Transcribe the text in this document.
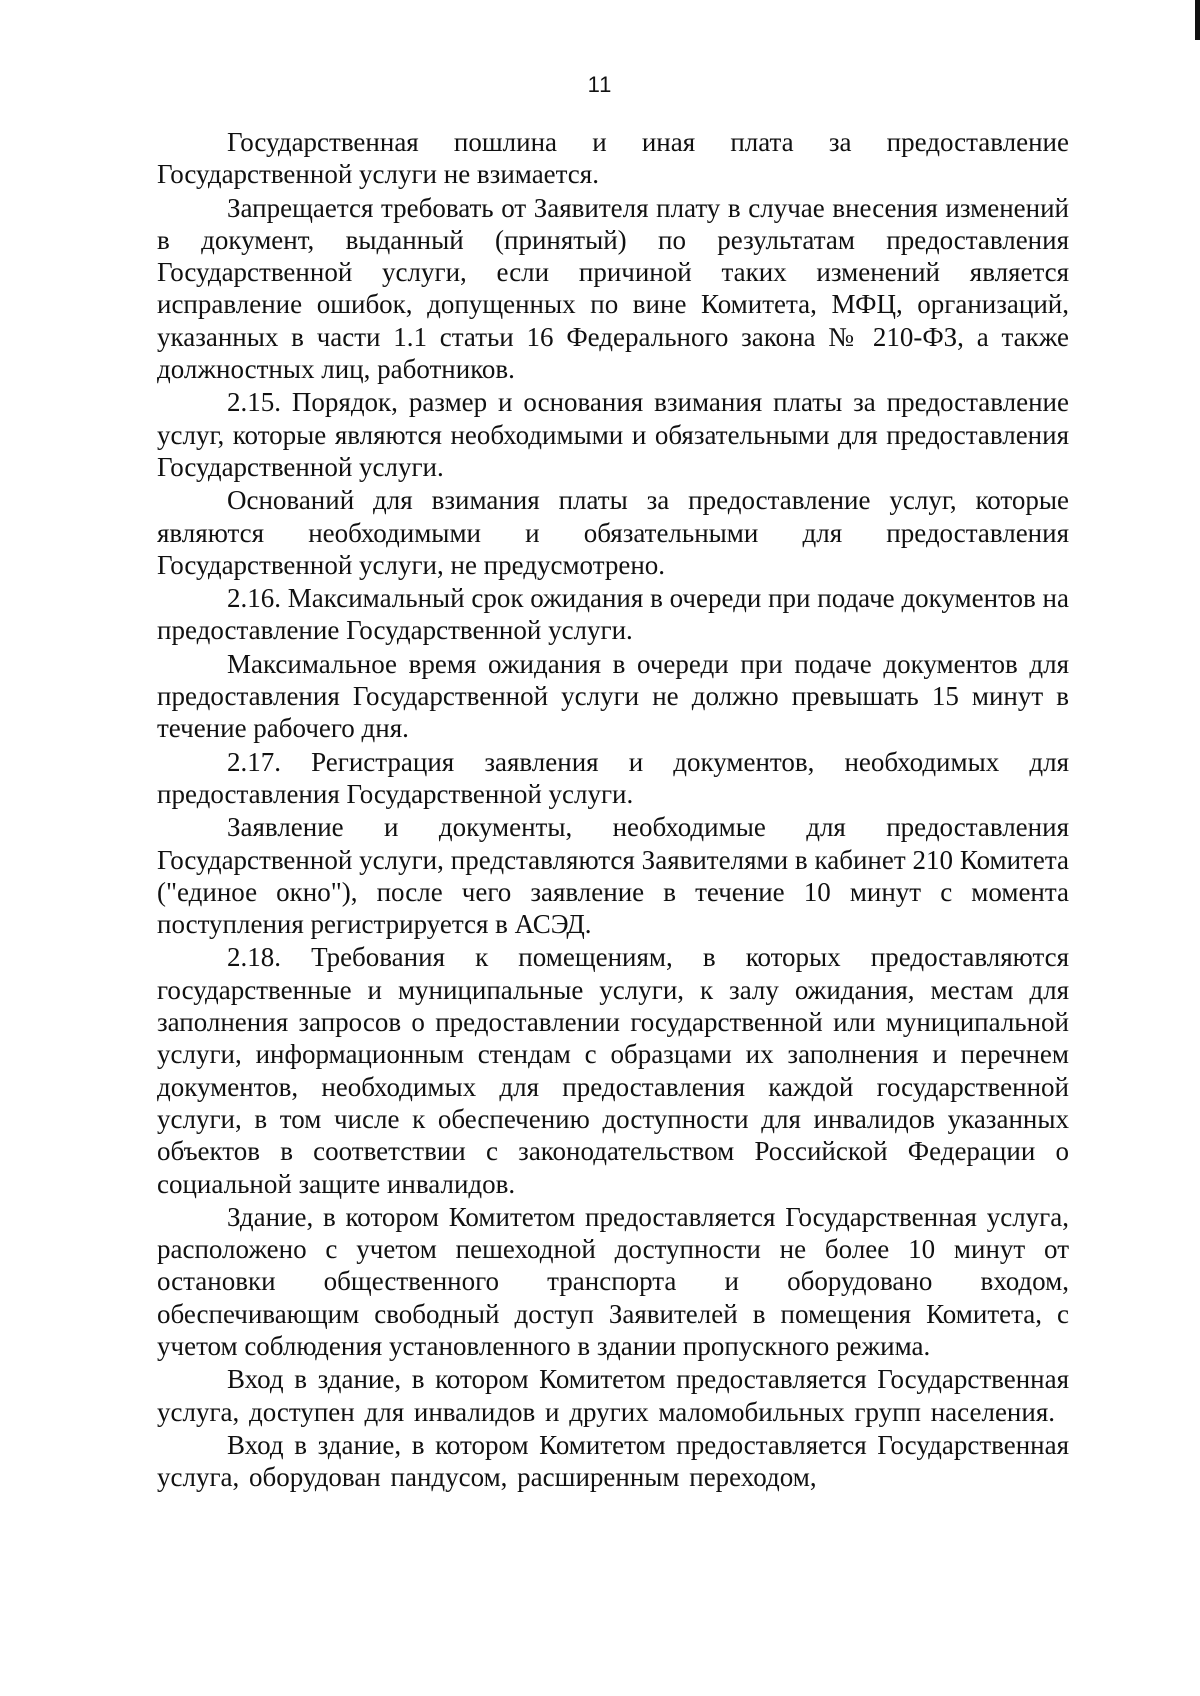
11

Государственная пошлина и иная плата за предоставление Государственной услуги не взимается.

Запрещается требовать от Заявителя плату в случае внесения изменений в документ, выданный (принятый) по результатам предоставления Государственной услуги, если причиной таких изменений является исправление ошибок, допущенных по вине Комитета, МФЦ, организаций, указанных в части 1.1 статьи 16 Федерального закона № 210-ФЗ, а также должностных лиц, работников.

2.15. Порядок, размер и основания взимания платы за предоставление услуг, которые являются необходимыми и обязательными для предоставления Государственной услуги.

Оснований для взимания платы за предоставление услуг, которые являются необходимыми и обязательными для предоставления Государственной услуги, не предусмотрено.

2.16. Максимальный срок ожидания в очереди при подаче документов на предоставление Государственной услуги.

Максимальное время ожидания в очереди при подаче документов для предоставления Государственной услуги не должно превышать 15 минут в течение рабочего дня.

2.17. Регистрация заявления и документов, необходимых для предоставления Государственной услуги.

Заявление и документы, необходимые для предоставления Государственной услуги, представляются Заявителями в кабинет 210 Комитета ("единое окно"), после чего заявление в течение 10 минут с момента поступления регистрируется в АСЭД.

2.18. Требования к помещениям, в которых предоставляются государственные и муниципальные услуги, к залу ожидания, местам для заполнения запросов о предоставлении государственной или муниципальной услуги, информационным стендам с образцами их заполнения и перечнем документов, необходимых для предоставления каждой государственной услуги, в том числе к обеспечению доступности для инвалидов указанных объектов в соответствии с законодательством Российской Федерации о социальной защите инвалидов.

Здание, в котором Комитетом предоставляется Государственная услуга, расположено с учетом пешеходной доступности не более 10 минут от остановки общественного транспорта и оборудовано входом, обеспечивающим свободный доступ Заявителей в помещения Комитета, с учетом соблюдения установленного в здании пропускного режима.

Вход в здание, в котором Комитетом предоставляется Государственная услуга, доступен для инвалидов и других маломобильных групп населения.

Вход в здание, в котором Комитетом предоставляется Государственная услуга, оборудован пандусом, расширенным переходом,
